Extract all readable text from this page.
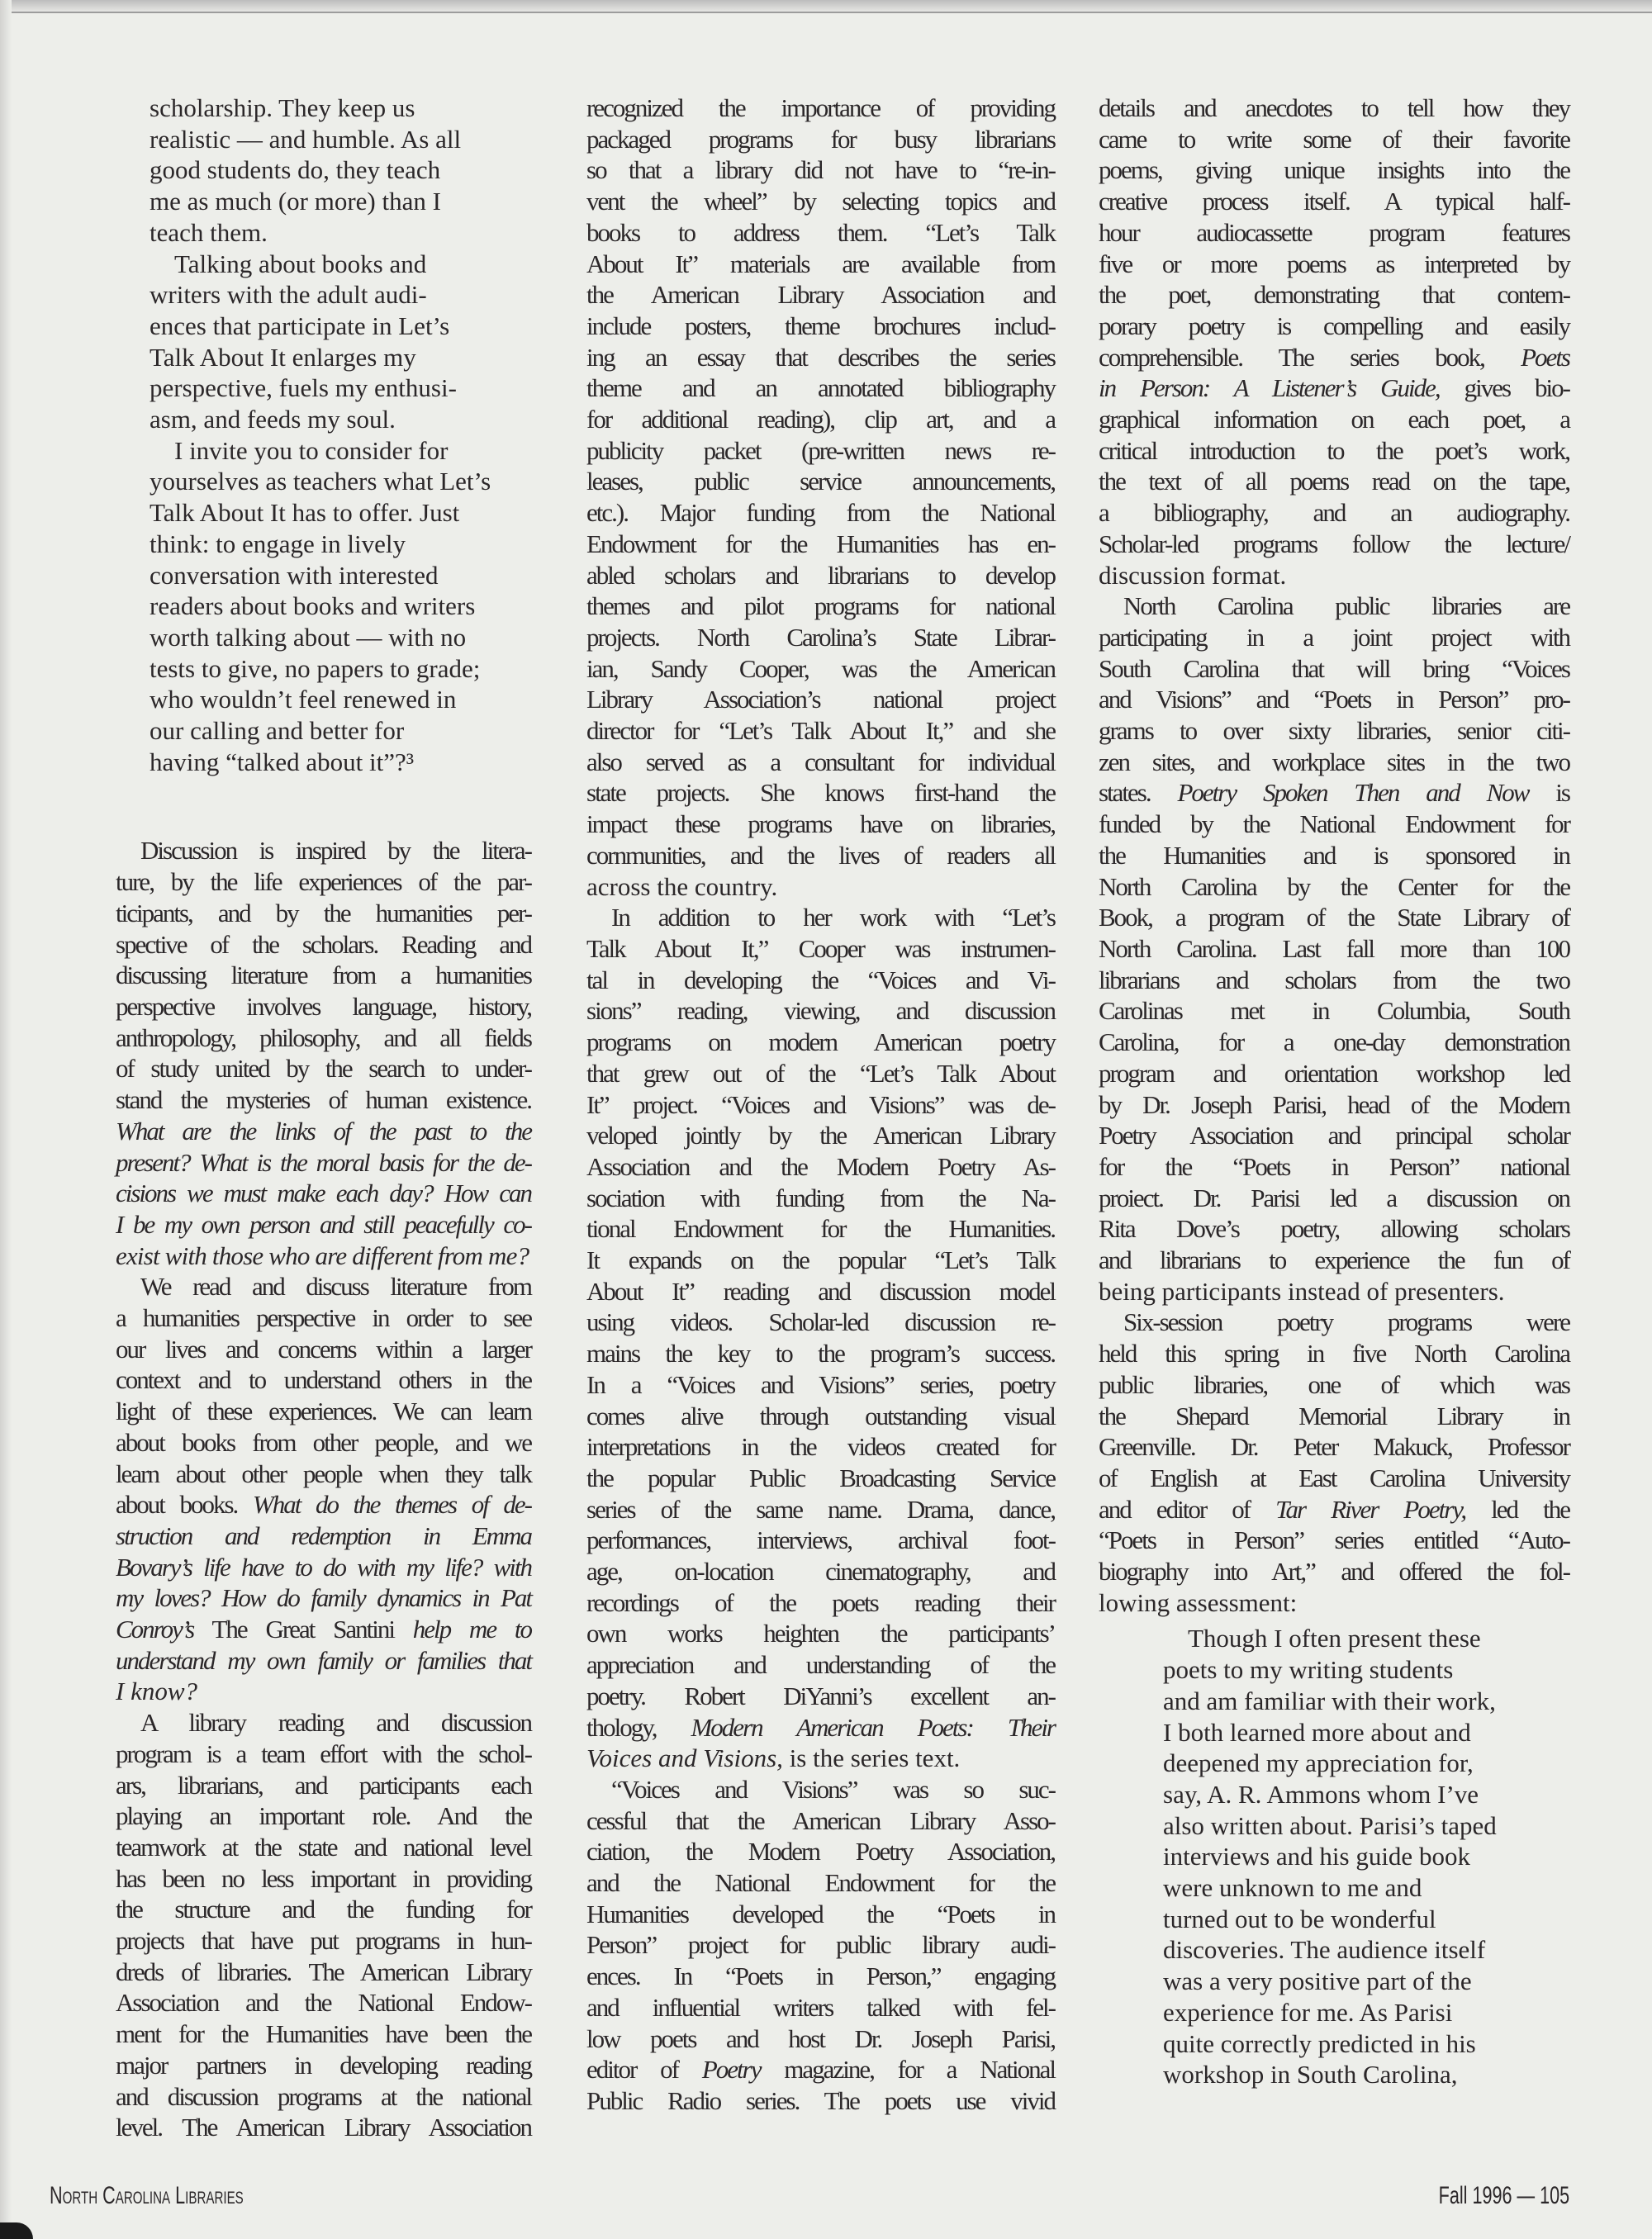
scholarship. They keep us
realistic — and humble. As all
good students do, they teach
me as much (or more) than I
teach them.
Talking about books and
writers with the adult audi-
ences that participate in Let’s
Talk About It enlarges my
perspective, fuels my enthusi-
asm, and feeds my soul.
I invite you to consider for
yourselves as teachers what Let’s
Talk About It has to offer. Just
think: to engage in lively
conversation with interested
readers about books and writers
worth talking about — with no
tests to give, no papers to grade;
who wouldn’t feel renewed in
our calling and better for
having “talked about it”?³
Discussion is inspired by the litera-
ture, by the life experiences of the par-
ticipants, and by the humanities per-
spective of the scholars. Reading and
discussing literature from a humanities
perspective involves language, history,
anthropology, philosophy, and all fields
of study united by the search to under-
stand the mysteries of human existence.
What are the links of the past to the
present? What is the moral basis for the de-
cisions we must make each day? How can
I be my own person and still peacefully co-
exist with those who are different from me?
We read and discuss literature from
a humanities perspective in order to see
our lives and concerns within a larger
context and to understand others in the
light of these experiences. We can learn
about books from other people, and we
learn about other people when they talk
about books. What do the themes of de-
struction and redemption in Emma
Bovary’s life have to do with my life? with
my loves? How do family dynamics in Pat
Conroy’s The Great Santini help me to
understand my own family or families that
I know?
A library reading and discussion
program is a team effort with the schol-
ars, librarians, and participants each
playing an important role. And the
teamwork at the state and national level
has been no less important in providing
the structure and the funding for
projects that have put programs in hun-
dreds of libraries. The American Library
Association and the National Endow-
ment for the Humanities have been the
major partners in developing reading
and discussion programs at the national
level. The American Library Association
recognized the importance of providing
packaged programs for busy librarians
so that a library did not have to “re-in-
vent the wheel” by selecting topics and
books to address them. “Let’s Talk
About It” materials are available from
the American Library Association and
include posters, theme brochures includ-
ing an essay that describes the series
theme and an annotated bibliography
for additional reading), clip art, and a
publicity packet (pre-written news re-
leases, public service announcements,
etc.). Major funding from the National
Endowment for the Humanities has en-
abled scholars and librarians to develop
themes and pilot programs for national
projects. North Carolina’s State Librar-
ian, Sandy Cooper, was the American
Library Association’s national project
director for “Let’s Talk About It,” and she
also served as a consultant for individual
state projects. She knows first-hand the
impact these programs have on libraries,
cornmunities, and the lives of readers all
across the country.
In addition to her work with “Let’s
Talk About It,” Cooper was instrumen-
tal in developing the “Voices and Vi-
sions” reading, viewing, and discussion
programs on modern American poetry
that grew out of the “Let’s Talk About
It” project. “Voices and Visions” was de-
veloped jointly by the American Library
Association and the Modern Poetry As-
sociation with funding from the Na-
tional Endowment for the Humanities.
It expands on the popular “Let’s Talk
About It” reading and discussion model
using videos. Scholar-led discussion re-
mains the key to the program’s success.
In a “Voices and Visions” series, poetry
comes alive through outstanding visual
interpretations in the videos created for
the popular Public Broadcasting Service
series of the same name. Drama, dance,
perforrnances, interviews, archival foot-
age, on-location cinematography, and
recordings of the poets reading their
own works heighten the participants’
appreciation and understanding of the
poetry. Robert DiYanni’s excellent an-
thology, Modern American Poets: Their
Voices and Visions, is the series text.
“Voices and Visions” was so suc-
cessful that the American Library Asso-
ciation, the Modern Poetry Association,
and the National Endowment for the
Humanities developed the “Poets in
Person” project for public library audi-
ences. In “Poets in Person,” engaging
and influential writers talked with fel-
low poets and host Dr. Joseph Parisi,
editor of Poetry magazine, for a National
Public Radio series. The poets use vivid
details and anecdotes to tell how they
came to write some of their favorite
poems, giving unique insights into the
creative process itself. A typical half-
hour audiocassette program features
five or more poems as interpreted by
the poet, demonstrating that contem-
porary poetry is compelling and easily
comprehensible. The series book, Poets
in Person: A Listener’s Guide, gives bio-
graphical information on each poet, a
critical introduction to the poet’s work,
the text of all poems read on the tape,
a bibliography, and an audiography.
Scholar-led programs follow the lecture/
discussion format.
North Carolina public libraries are
participating in a joint project with
South Carolina that will bring “Voices
and Visions” and “Poets in Person” pro-
grams to over sixty libraries, senior citi-
zen sites, and workplace sites in the two
states. Poetry Spoken Then and Now is
funded by the National Endowment for
the Humanities and is sponsored in
North Carolina by the Center for the
Book, a program of the State Library of
North Carolina. Last fall more than 100
librarians and scholars from the two
Carolinas met in Columbia, South
Carolina, for a one-day demonstration
program and orientation workshop led
by Dr. Joseph Parisi, head of the Modern
Poetry Association and principal scholar
for the “Poets in Person” national
proiect. Dr. Parisi led a discussion on
Rita Dove’s poetry, allowing scholars
and librarians to experience the fun of
being participants instead of presenters.
Six-session poetry programs were
held this spring in five North Carolina
public libraries, one of which was
the Shepard Memorial Library in
Greenville. Dr. Peter Makuck, Professor
of English at East Carolina University
and editor of Tar River Poetry, led the
“Poets in Person” series entitled “Auto-
biography into Art,” and offered the fol-
lowing assessment:
Though I often present these
poets to my writing students
and am familiar with their work,
I both learned more about and
deepened my appreciation for,
say, A. R. Ammons whom I’ve
also written about. Parisi’s taped
interviews and his guide book
were unknown to me and
turned out to be wonderful
discoveries. The audience itself
was a very positive part of the
experience for me. As Parisi
quite correctly predicted in his
workshop in South Carolina,
North Carolina Libraries	Fall 1996 — 105
